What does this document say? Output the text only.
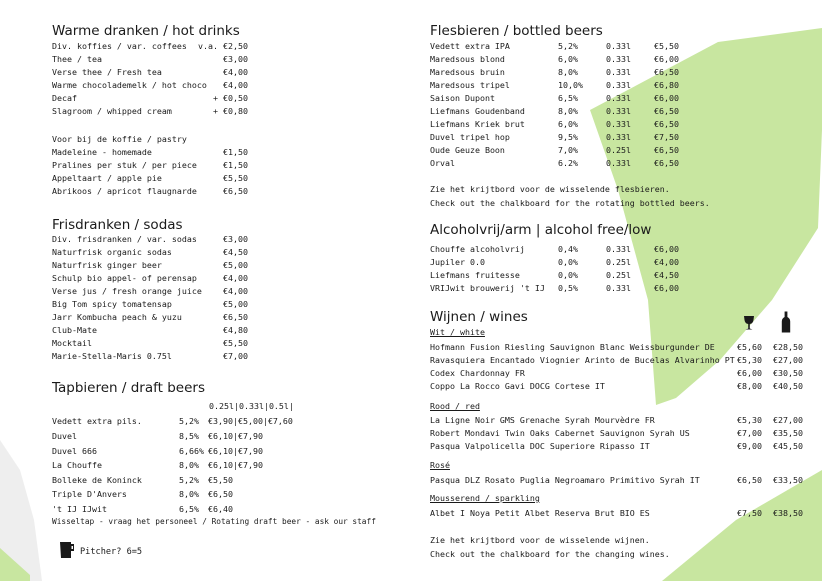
Warme dranken / hot drinks
Div. koffies / var. coffees v.a. €2,50
Thee / tea	€3,00
Verse thee / Fresh tea	€4,00
Warme chocolademelk / hot choco €4,00
Decaf	+ €0,50
Slagroom / whipped cream	+ €0,80
Voor bij de koffie / pastry
Madeleine - homemade	€1,50
Pralines per stuk / per piece	€1,50
Appeltaart / apple pie	€5,50
Abrikoos / apricot flaugnarde	€6,50
Frisdranken / sodas
Div. frisdranken / var. sodas	€3,00
Naturfrisk organic sodas	€4,50
Naturfrisk ginger beer	€5,00
Schulp bio appel- of perensap	€4,00
Verse jus / fresh orange juice	€4,00
Big Tom spicy tomatensap	€5,00
Jarr Kombucha peach & yuzu	€6,50
Club-Mate	€4,80
Mocktail	€5,50
Marie-Stella-Maris 0.75l	€7,00
Tapbieren / draft beers
0.25l|0.33l|0.5l|
Vedett extra pils.	5,2% €3,90|€5,00|€7,60
Duvel	8,5% €6,10|€7,90
Duvel 666	6,66% €6,10|€7,90
La Chouffe	8,0% €6,10|€7,90
Bolleke de Koninck	5,2% €5,50
Triple D'Anvers	8,0% €6,50
't IJ IJwit	6,5% €6,40
Wisseltap - vraag het personeel / Rotating draft beer - ask our staff
Pitcher? 6=5
Flesbieren / bottled beers
Vedett extra IPA	5,2%	0.33l	€5,50
Maredsous blond	6,0%	0.33l	€6,00
Maredsous bruin	8,0%	0.33l	€6,50
Maredsous tripel	10,0%	0.33l	€6,80
Saison Dupont	6,5%	0.33l	€6,00
Liefmans Goudenband	8,0%	0.33l	€6,50
Liefmans Kriek brut	6,0%	0.33l	€6,50
Duvel tripel hop	9,5%	0.33l	€7,50
Oude Geuze Boon	7,0%	0.25l	€6,50
Orval	6.2%	0.33l	€6,50
Zie het krijtbord voor de wisselende flesbieren.
Check out the chalkboard for the rotating bottled beers.
Alcoholvrij/arm | alcohol free/low
Chouffe alcoholvrij	0,4%	0.33l	€6,00
Jupiler 0.0	0,0%	0.25l	€4,00
Liefmans fruitesse	0,0%	0.25l	€4,50
VRIJwit brouwerij 't IJ 0,5%	0.33l	€6,00
Wijnen / wines
Wit / white
Hofmann Fusion Riesling Sauvignon Blanc Weissburgunder DE	€5,60 €28,50
Ravasquiera Encantado Viognier Arinto de Bucelas Alvarinho PT €5,30 €27,00
Codex Chardonnay FR	€6,00 €30,50
Coppo La Rocco Gavi DOCG Cortese IT	€8,00 €40,50
Rood / red
La Ligne Noir GMS Grenache Syrah Mourvèdre FR	€5,30 €27,00
Robert Mondavi Twin Oaks Cabernet Sauvignon Syrah US	€7,00 €35,50
Pasqua Valpolicella DOC Superiore Ripasso IT	€9,00 €45,50
Rosé
Pasqua DLZ Rosato Puglia Negroamaro Primitivo Syrah IT	€6,50 €33,50
Mousserend / sparkling
Albet I Noya Petit Albet Reserva Brut BIO ES	€7,50 €38,50
Zie het krijtbord voor de wisselende wijnen.
Check out the chalkboard for the changing wines.
